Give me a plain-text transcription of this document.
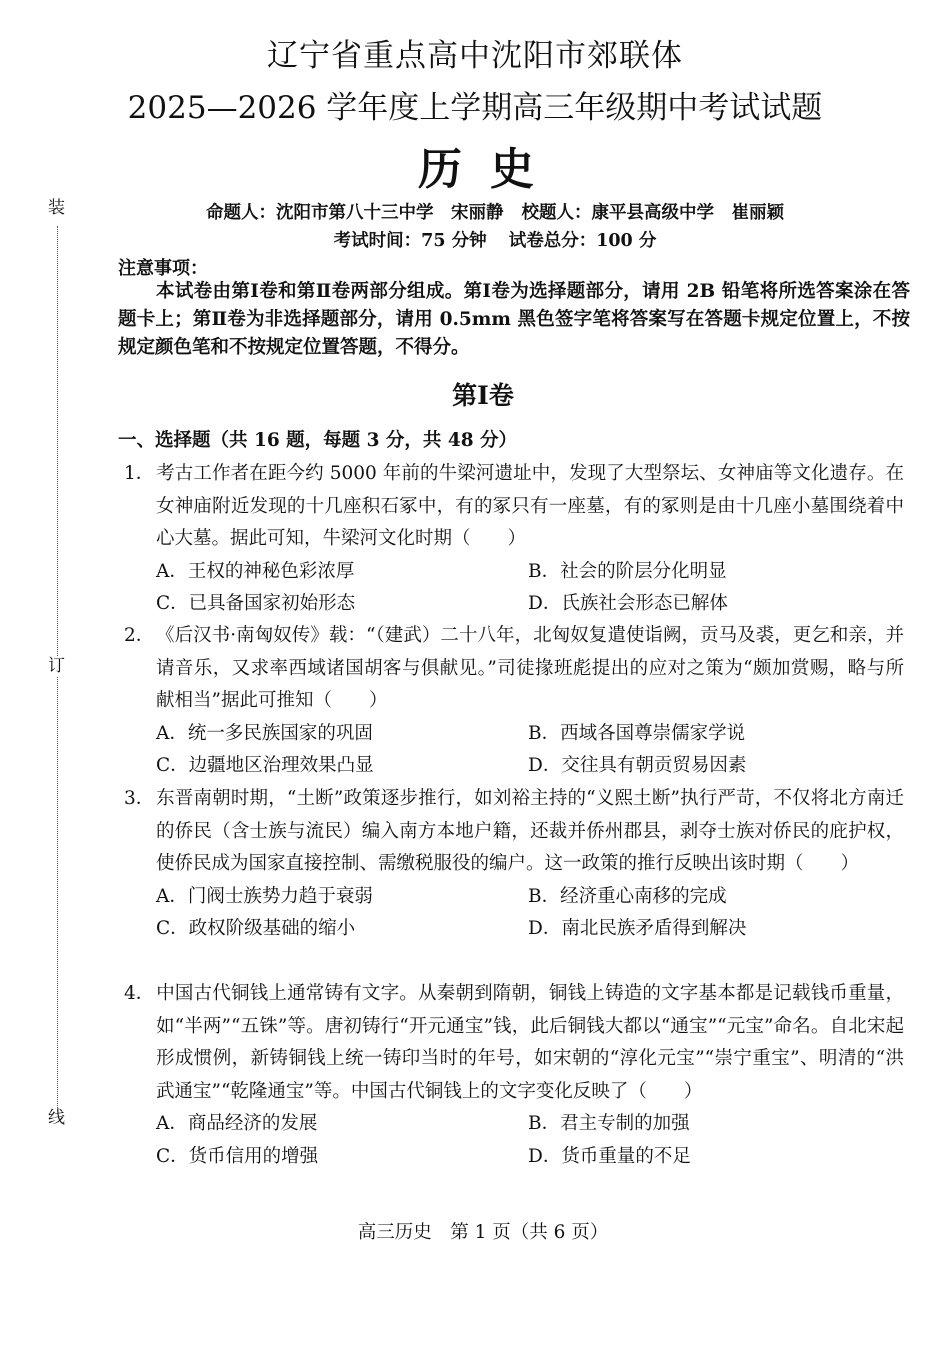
装
订
线
辽宁省重点高中沈阳市郊联体
2025—2026 学年度上学期高三年级期中考试试题
历史
命题人：沈阳市第八十三中学　宋丽静 校题人：康平县高级中学　崔丽颖
考试时间：75 分钟 试卷总分：100 分
注意事项：
本试卷由第Ⅰ卷和第Ⅱ卷两部分组成。第Ⅰ卷为选择题部分，请用 2B 铅笔将所选答案涂在答题卡上；第Ⅱ卷为非选择题部分，请用 0.5mm 黑色签字笔将答案写在答题卡规定位置上，不按规定颜色笔和不按规定位置答题，不得分。
第Ⅰ卷
一、选择题（共 16 题，每题 3 分，共 48 分）
1．考古工作者在距今约 5000 年前的牛梁河遗址中，发现了大型祭坛、女神庙等文化遗存。在女神庙附近发现的十几座积石冢中，有的冢只有一座墓，有的冢则是由十几座小墓围绕着中心大墓。据此可知，牛梁河文化时期（　　）
A．王权的神秘色彩浓厚	B．社会的阶层分化明显
C．已具备国家初始形态	D．氏族社会形态已解体
2．《后汉书·南匈奴传》载：“（建武）二十八年，北匈奴复遣使诣阙，贡马及裘，更乞和亲，并请音乐，又求率西域诸国胡客与俱献见。”司徒掾班彪提出的应对之策为“颇加赏赐，略与所献相当”据此可推知（　　）
A．统一多民族国家的巩固	B．西域各国尊崇儒家学说
C．边疆地区治理效果凸显	D．交往具有朝贡贸易因素
3．东晋南朝时期，“土断”政策逐步推行，如刘裕主持的“义熙土断”执行严苛，不仅将北方南迁的侨民（含士族与流民）编入南方本地户籍，还裁并侨州郡县，剥夺士族对侨民的庇护权，使侨民成为国家直接控制、需缴税服役的编户。这一政策的推行反映出该时期（　　）
A．门阀士族势力趋于衰弱	B．经济重心南移的完成
C．政权阶级基础的缩小	D．南北民族矛盾得到解决
4．中国古代铜钱上通常铸有文字。从秦朝到隋朝，铜钱上铸造的文字基本都是记载钱币重量，如“半两”“五铢”等。唐初铸行“开元通宝”钱，此后铜钱大都以“通宝”“元宝”命名。自北宋起形成惯例，新铸铜钱上统一铸印当时的年号，如宋朝的“淳化元宝”“崇宁重宝”、明清的“洪武通宝”“乾隆通宝”等。中国古代铜钱上的文字变化反映了（　　）
A．商品经济的发展	B．君主专制的加强
C．货币信用的增强	D．货币重量的不足
高三历史　第 1 页（共 6 页）
